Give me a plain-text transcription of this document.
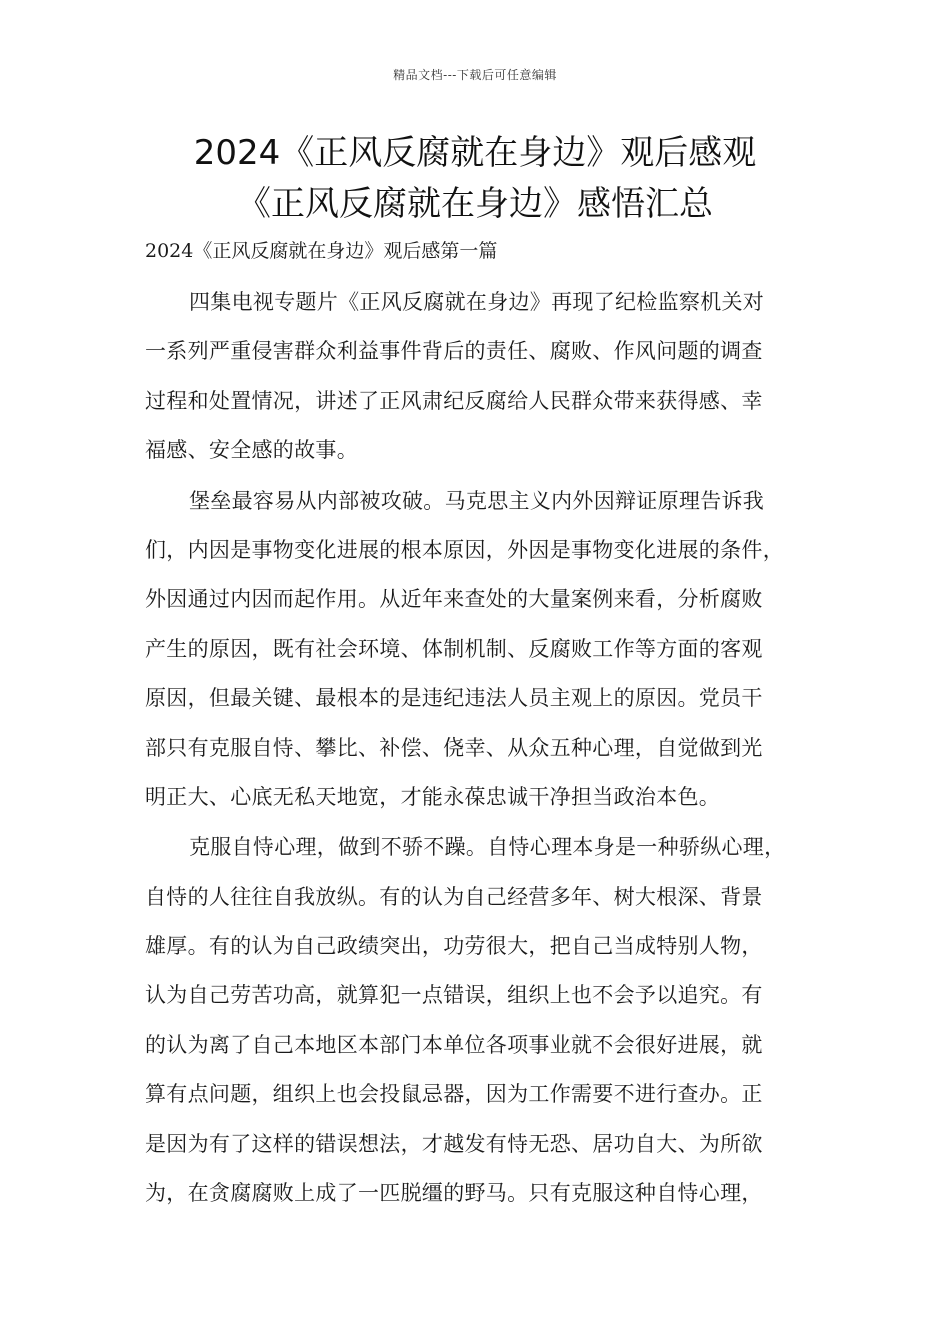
精品文档---下载后可任意编辑
2024《正风反腐就在身边》观后感观
《正风反腐就在身边》感悟汇总
2024《正风反腐就在身边》观后感第一篇
四集电视专题片《正风反腐就在身边》再现了纪检监察机关对
一系列严重侵害群众利益事件背后的责任、腐败、作风问题的调查
过程和处置情况，讲述了正风肃纪反腐给人民群众带来获得感、幸
福感、安全感的故事。
堡垒最容易从内部被攻破。马克思主义内外因辩证原理告诉我
们，内因是事物变化进展的根本原因，外因是事物变化进展的条件，
外因通过内因而起作用。从近年来查处的大量案例来看，分析腐败
产生的原因，既有社会环境、体制机制、反腐败工作等方面的客观
原因，但最关键、最根本的是违纪违法人员主观上的原因。党员干
部只有克服自恃、攀比、补偿、侥幸、从众五种心理，自觉做到光
明正大、心底无私天地宽，才能永葆忠诚干净担当政治本色。
克服自恃心理，做到不骄不躁。自恃心理本身是一种骄纵心理，
自恃的人往往自我放纵。有的认为自己经营多年、树大根深、背景
雄厚。有的认为自己政绩突出，功劳很大，把自己当成特别人物，
认为自己劳苦功高，就算犯一点错误，组织上也不会予以追究。有
的认为离了自己本地区本部门本单位各项事业就不会很好进展，就
算有点问题，组织上也会投鼠忌器，因为工作需要不进行查办。正
是因为有了这样的错误想法，才越发有恃无恐、居功自大、为所欲
为，在贪腐腐败上成了一匹脱缰的野马。只有克服这种自恃心理，
